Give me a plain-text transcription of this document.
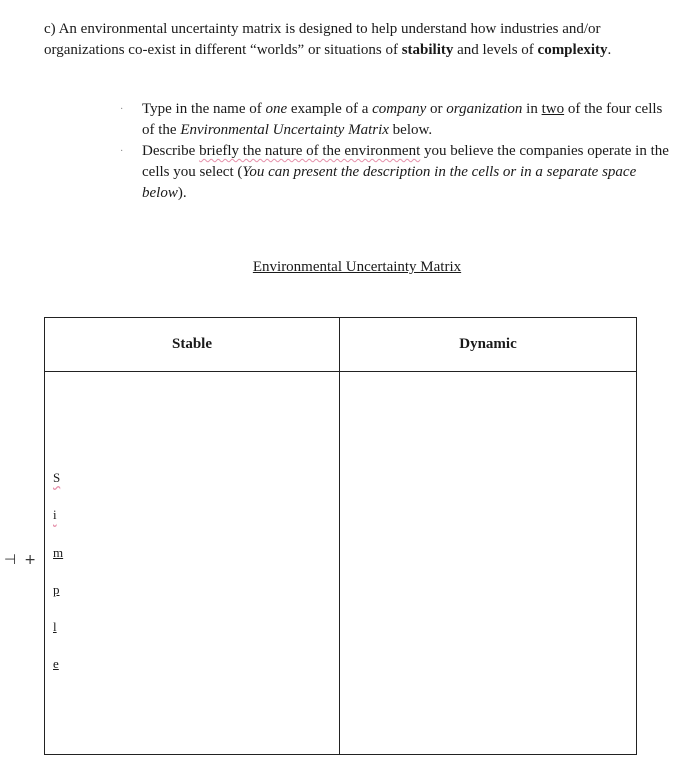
c) An environmental uncertainty matrix is designed to help understand how industries and/or organizations co-exist in different “worlds” or situations of stability and levels of complexity.
· Type in the name of one example of a company or organization in two of the four cells of the Environmental Uncertainty Matrix below.
· Describe briefly the nature of the environment you believe the companies operate in the cells you select (You can present the description in the cells or in a separate space below).
Environmental Uncertainty Matrix
Stable	Dynamic

S
i
m
p
l
e
⊣ +
